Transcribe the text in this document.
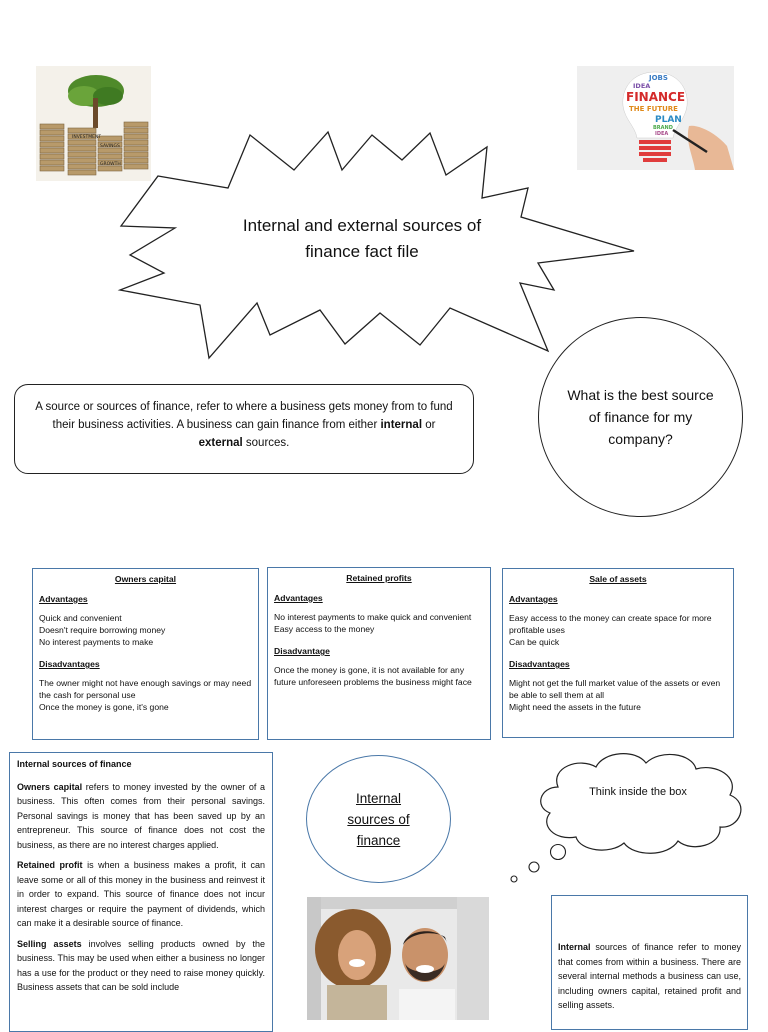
INVESTMENT
SAVINGS
GROWTH
JOBS
IDEA
FINANCE
THE FUTURE
PLAN
BRAND
IDEA
Internal and external sources of finance fact file
A source or sources of finance, refer to where a business gets money from to fund their business activities. A business can gain finance from either internal or external sources.
What is the best source of finance for my company?
Owners capital
Advantages
Quick and convenient
Doesn't require borrowing money
No interest payments to make
Disadvantages
The owner might not have enough savings or may need the cash for personal use
Once the money is gone, it's gone
Retained profits
Advantages
No interest payments to make quick and convenient
Easy access to the money
Disadvantage
Once the money is gone, it is not available for any future unforeseen problems the business might face
Sale of assets
Advantages
Easy access to the money can create space for more profitable uses
Can be quick
Disadvantages
Might not get the full market value of the assets or even be able to sell them at all
Might need the assets in the future

Internal sources of finance

Owners capital refers to money invested by the owner of a business. This often comes from their personal savings. Personal savings is money that has been saved up by an entrepreneur. This source of finance does not cost the business, as there are no interest charges applied.

Retained profit is when a business makes a profit, it can leave some or all of this money in the business and reinvest it in order to expand. This source of finance does not incur interest charges or require the payment of dividends, which can make it a desirable source of finance.

Selling assets involves selling products owned by the business. This may be used when either a business no longer has a use for the product or they need to raise money quickly. Business assets that can be sold include

Internal sources of finance
Think inside the box
Internal sources of finance refer to money that comes from within a business. There are several internal methods a business can use, including owners capital, retained profit and selling assets.
